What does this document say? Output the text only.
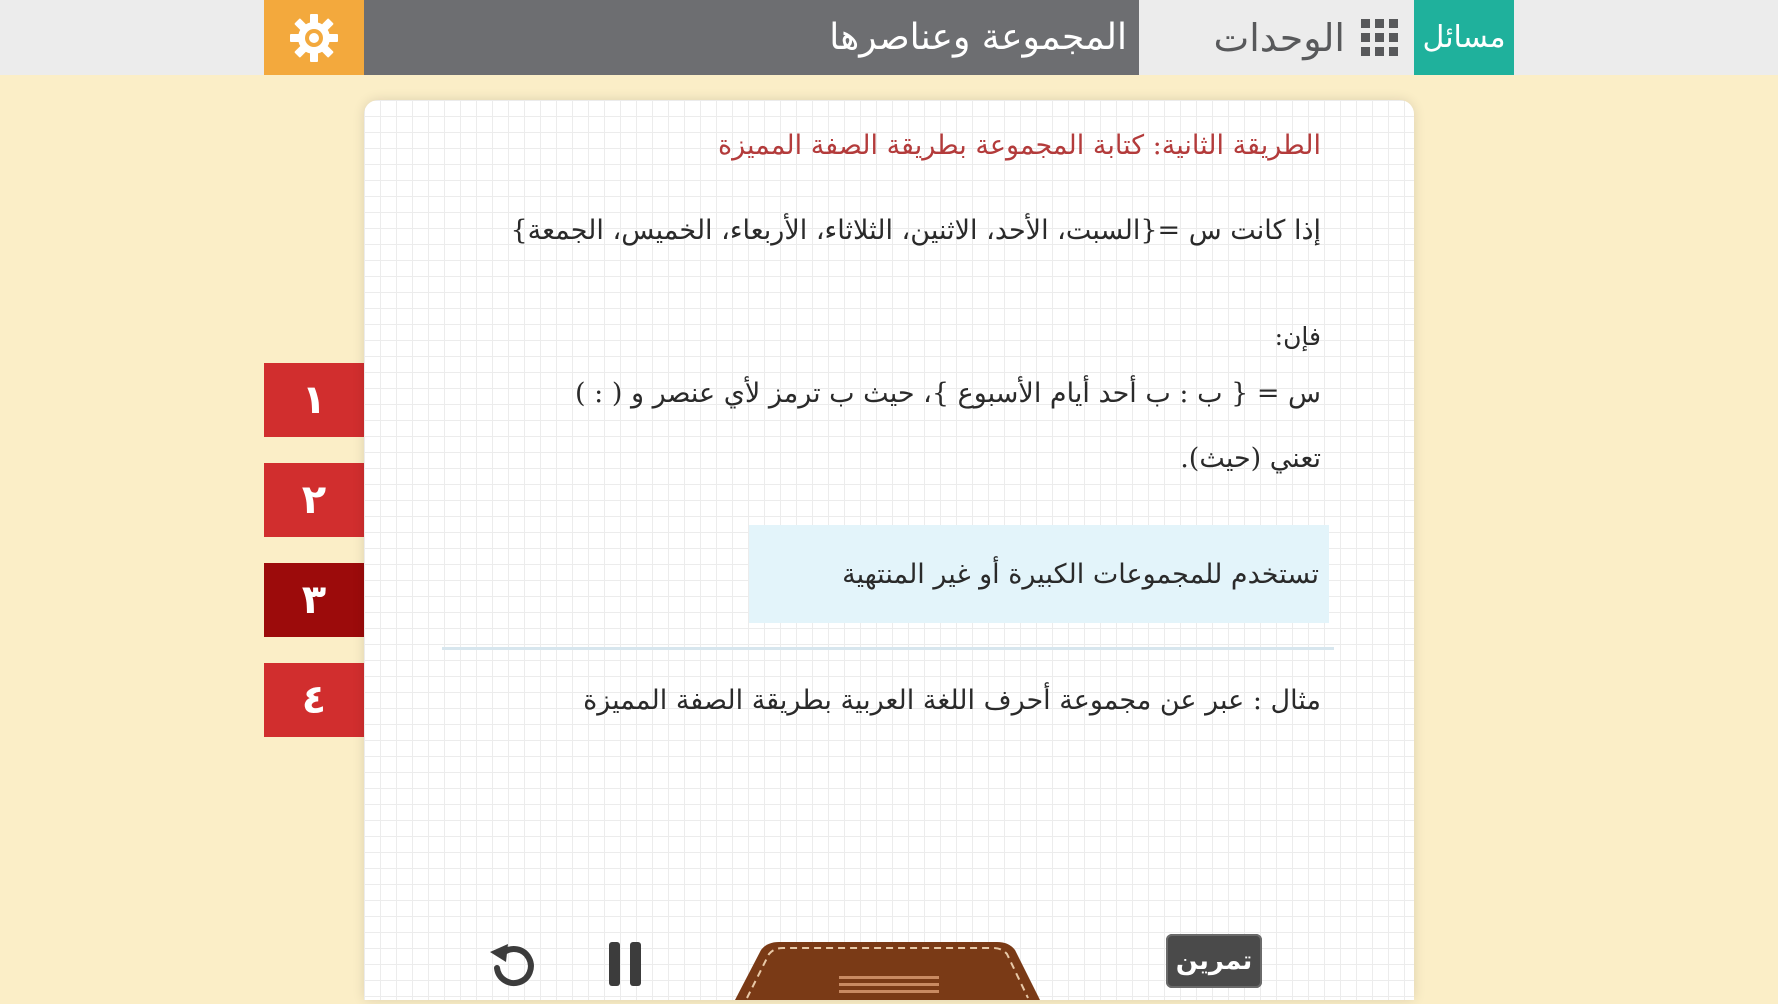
المجموعة وعناصرها الوحدات	مسائل
١
٢
٣
٤
الطريقة الثانية: كتابة المجموعة بطريقة الصفة المميزة
إذا كانت س ={السبت، الأحد، الاثنين، الثلاثاء، الأربعاء، الخميس، الجمعة}
فإن:
س = { ب : ب أحد أيام الأسبوع }، حيث ب ترمز لأي عنصر و ( : )
تعني (حيث).
تستخدم للمجموعات الكبيرة أو غير المنتهية
مثال : عبر عن مجموعة أحرف اللغة العربية بطريقة الصفة المميزة
تمرين
